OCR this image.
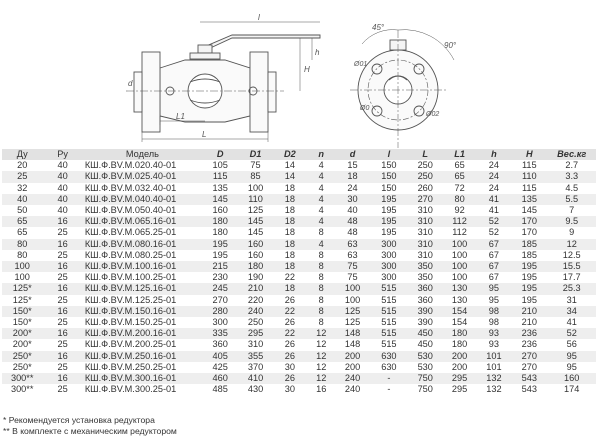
l
d
H
h
L1
L
45°
90°
Ø01
Ø02
Ø0
Ду	Ру	Модель	D	D1	D2	n	d	l	L	L1	h	H	Вес.кг
20	40	КШ.Ф.BV.M.020.40-01	105	75	14	4	15	150	250	65	24	115	2.7
25	40	КШ.Ф.BV.M.025.40-01	115	85	14	4	18	150	250	65	24	110	3.3
32	40	КШ.Ф.BV.M.032.40-01	135	100	18	4	24	150	260	72	24	115	4.5
40	40	КШ.Ф.BV.M.040.40-01	145	110	18	4	30	195	270	80	41	135	5.5
50	40	КШ.Ф.BV.M.050.40-01	160	125	18	4	40	195	310	92	41	145	7
65	16	КШ.Ф.BV.M.065.16-01	180	145	18	4	48	195	310	112	52	170	9.5
65	25	КШ.Ф.BV.M.065.25-01	180	145	18	8	48	195	310	112	52	170	9
80	16	КШ.Ф.BV.M.080.16-01	195	160	18	4	63	300	310	100	67	185	12
80	25	КШ.Ф.BV.M.080.25-01	195	160	18	8	63	300	310	100	67	185	12.5
100	16	КШ.Ф.BV.M.100.16-01	215	180	18	8	75	300	350	100	67	195	15.5
100	25	КШ.Ф.BV.M.100.25-01	230	190	22	8	75	300	350	100	67	195	17.7
125*	16	КШ.Ф.BV.M.125.16-01	245	210	18	8	100	515	360	130	95	195	25.3
125*	25	КШ.Ф.BV.M.125.25-01	270	220	26	8	100	515	360	130	95	195	31
150*	16	КШ.Ф.BV.M.150.16-01	280	240	22	8	125	515	390	154	98	210	34
150*	25	КШ.Ф.BV.M.150.25-01	300	250	26	8	125	515	390	154	98	210	41
200*	16	КШ.Ф.BV.M.200.16-01	335	295	22	12	148	515	450	180	93	236	52
200*	25	КШ.Ф.BV.M.200.25-01	360	310	26	12	148	515	450	180	93	236	56
250*	16	КШ.Ф.BV.M.250.16-01	405	355	26	12	200	630	530	200	101	270	95
250*	25	КШ.Ф.BV.M.250.25-01	425	370	30	12	200	630	530	200	101	270	95
300**	16	КШ.Ф.BV.M.300.16-01	460	410	26	12	240	-	750	295	132	543	160
300**	25	КШ.Ф.BV.M.300.25-01	485	430	30	16	240	-	750	295	132	543	174
* Рекомендуется установка редуктора
** В комплекте с механическим редуктором
